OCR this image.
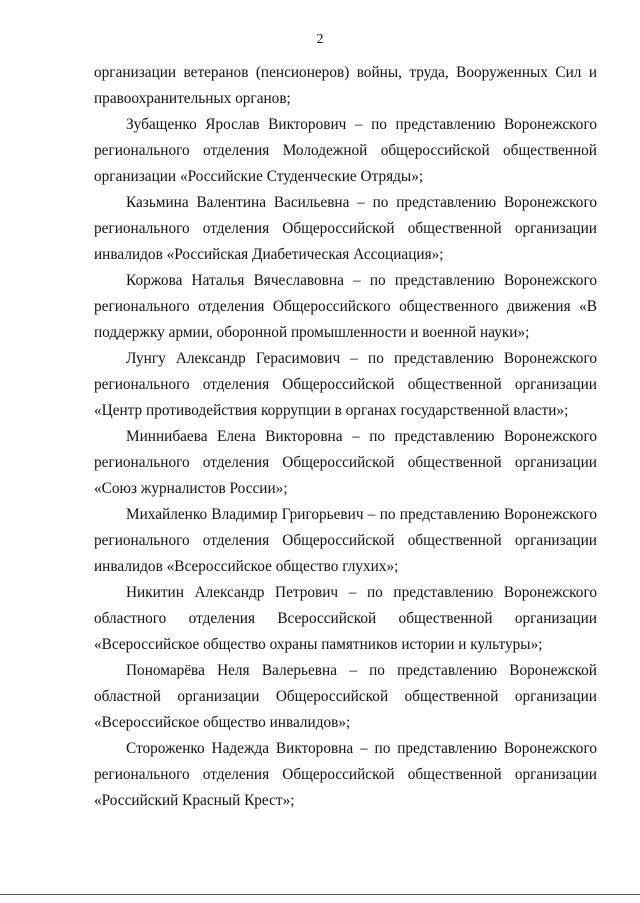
2

организации ветеранов (пенсионеров) войны, труда, Вооруженных Сил и правоохранительных органов;

Зубащенко Ярослав Викторович – по представлению Воронежского регионального отделения Молодежной общероссийской общественной организации «Российские Студенческие Отряды»;

Казьмина Валентина Васильевна – по представлению Воронежского регионального отделения Общероссийской общественной организации инвалидов «Российская Диабетическая Ассоциация»;

Коржова Наталья Вячеславовна – по представлению Воронежского регионального отделения Общероссийского общественного движения «В поддержку армии, оборонной промышленности и военной науки»;

Лунгу Александр Герасимович – по представлению Воронежского регионального отделения Общероссийской общественной организации «Центр противодействия коррупции в органах государственной власти»;

Миннибаева Елена Викторовна – по представлению Воронежского регионального отделения Общероссийской общественной организации «Союз журналистов России»;

Михайленко Владимир Григорьевич – по представлению Воронежского регионального отделения Общероссийской общественной организации инвалидов «Всероссийское общество глухих»;

Никитин Александр Петрович – по представлению Воронежского областного отделения Всероссийской общественной организации «Всероссийское общество охраны памятников истории и культуры»;

Пономарёва Неля Валерьевна – по представлению Воронежской областной организации Общероссийской общественной организации «Всероссийское общество инвалидов»;

Стороженко Надежда Викторовна – по представлению Воронежского регионального отделения Общероссийской общественной организации «Российский Красный Крест»;
